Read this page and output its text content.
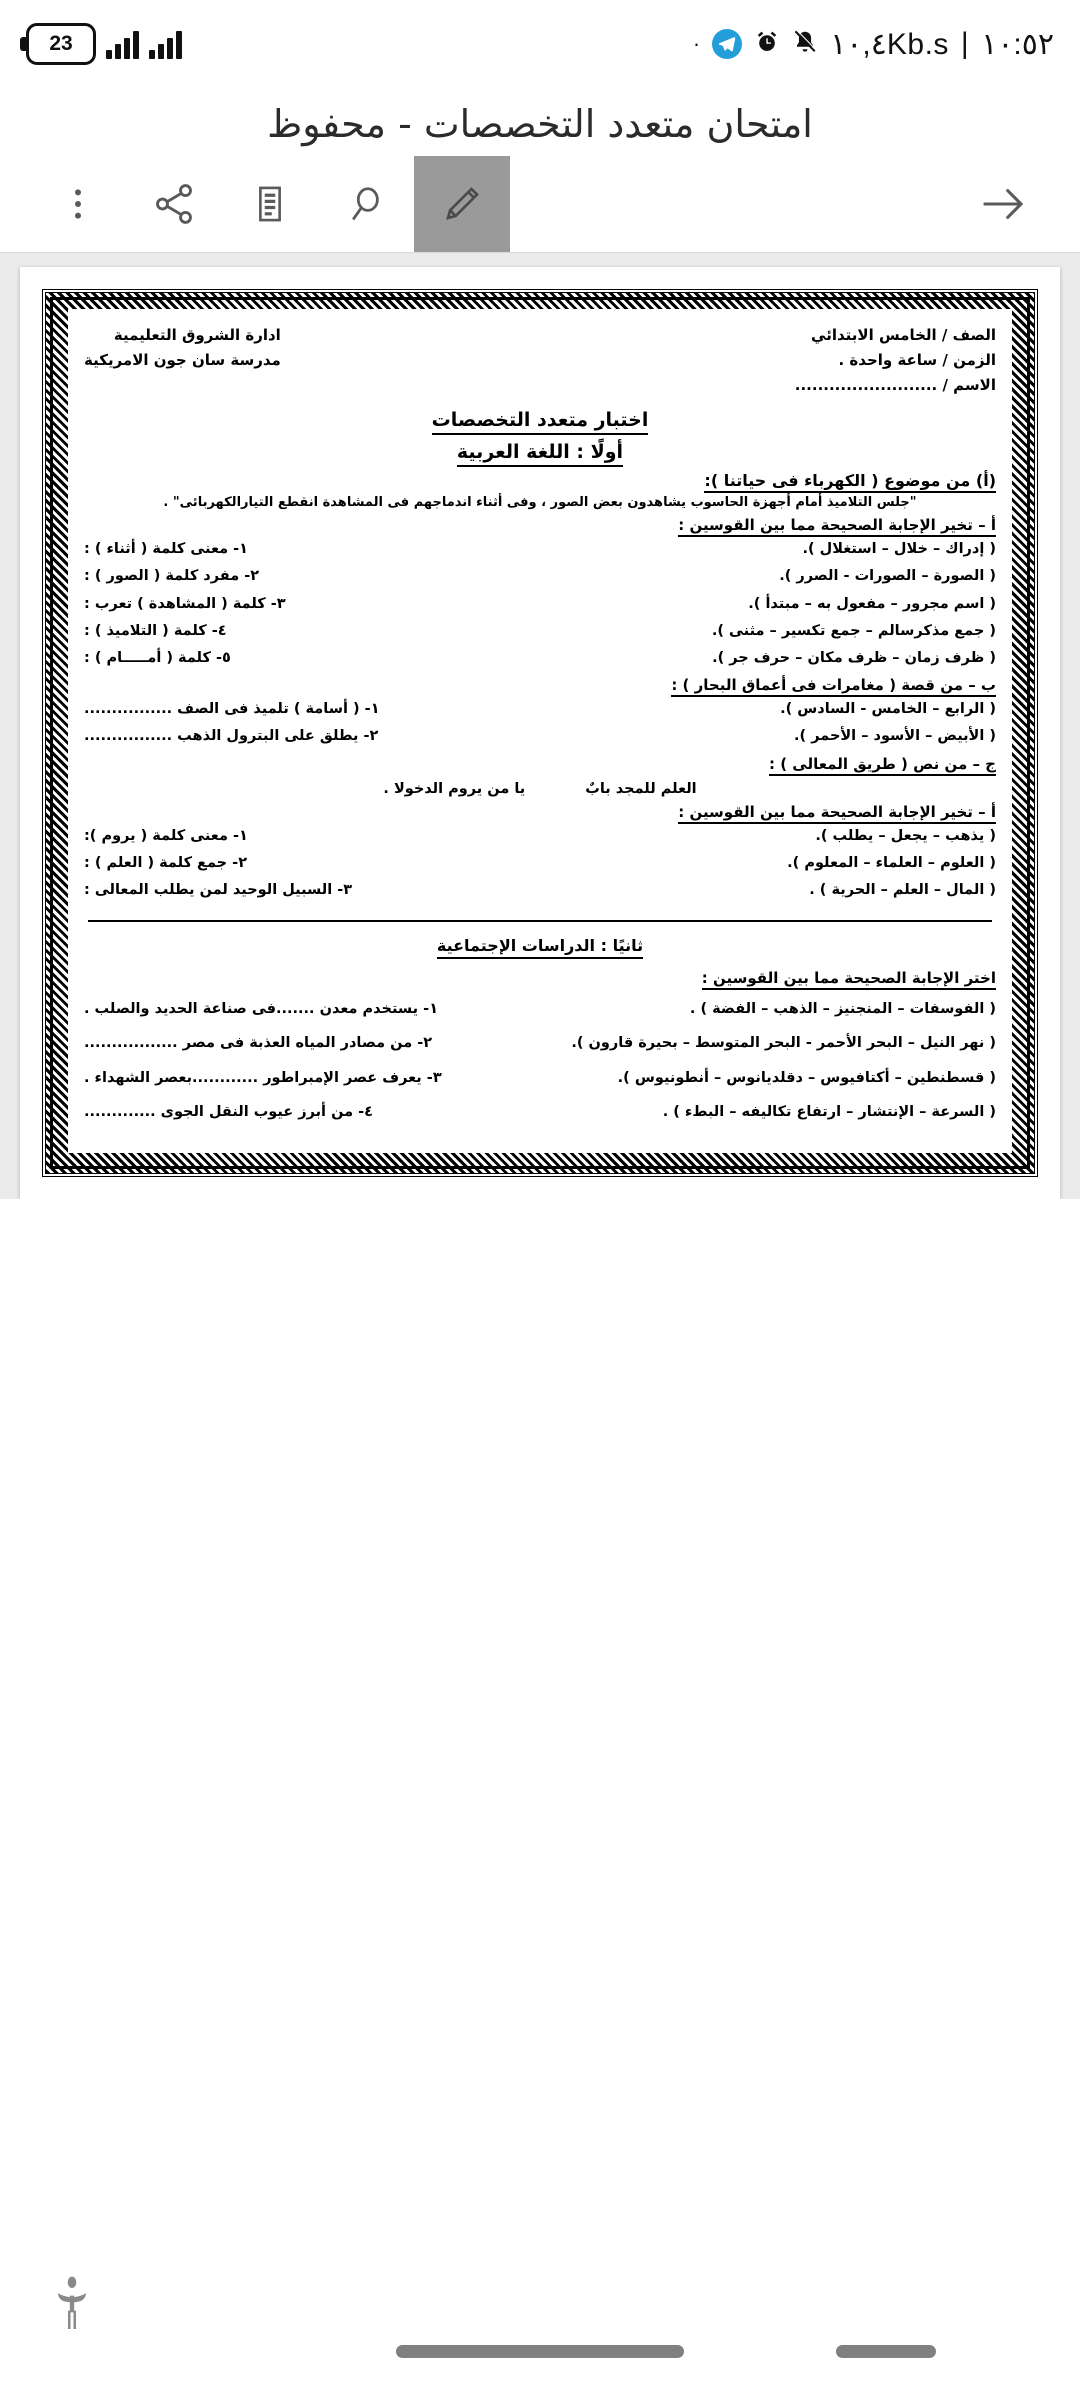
23	·	١٠,٤Kb.s | ١٠:٥٢
امتحان متعدد التخصصات - محفوظ
الصف / الخامس الابتدائي
الزمن / ساعة واحدة .
الاسم / .........................
ادارة الشروق التعليمية
مدرسة سان جون الامريكية
اختبار متعدد التخصصات
أولًا : اللغة العربية
(أ) من موضوع ( الكهرباء فى حياتنا ):
"جلس التلاميذ أمام أجهزة الحاسوب يشاهدون بعض الصور ، وفى أثناء اندماجهم فى المشاهدة انقطع التيارالكهربائى" .
أ – تخير الإجابة الصحيحة مما بين القوسين :
( إدراك – خلال – استغلال ).
١- معنى كلمة ( أثناء ) :
( الصورة – الصورات - الصرر ).
٢- مفرد كلمة ( الصور ) :
( اسم مجرور – مفعول به – مبتدأ ).
٣- كلمة ( المشاهدة ) تعرب :
( جمع مذكرسالم – جمع تكسير – مثنى ).
٤- كلمة ( التلاميذ ) :
( ظرف زمان – ظرف مكان – حرف جر ).
٥- كلمة ( أمـــــام ) :
ب – من قصة ( مغامرات فى أعماق البحار ) :
( الرابع – الخامس - السادس ).
١- ( أسامة ) تلميذ فى الصف ................
( الأبيض – الأسود – الأحمر ).
٢- يطلق على البترول الذهب ................
ج – من نص ( طريق المعالى ) :
العلم للمجد بابٌ
يا من يروم الدخولا .
أ – تخير الإجابة الصحيحة مما بين القوسين :
( يذهب – يجعل – يطلب ).
١- معنى كلمة ( يروم ):
( العلوم – العلماء – المعلوم ).
٢- جمع كلمة ( العلم ) :
( المال – العلم – الحرية ) .
٣- السبيل الوحيد لمن يطلب المعالى :
ثانيًا : الدراسات الإجتماعية
اختر الإجابة الصحيحة مما بين القوسين :
( الفوسفات – المنجنيز – الذهب – الفضة ) .
١- يستخدم معدن .......فى صناعة الحديد والصلب .
( نهر النيل – البحر الأحمر - البحر المتوسط – بحيرة قارون ).
٢- من مصادر المياه العذبة فى مصر .................
( قسطنطين – أكتافيوس – دقلديانوس – أنطونيوس ).
٣- يعرف عصر الإمبراطور ............بعصر الشهداء .
( السرعة – الإنتشار – ارتفاع تكاليفه – البطء ) .
٤- من أبرز عيوب النقل الجوى .............
